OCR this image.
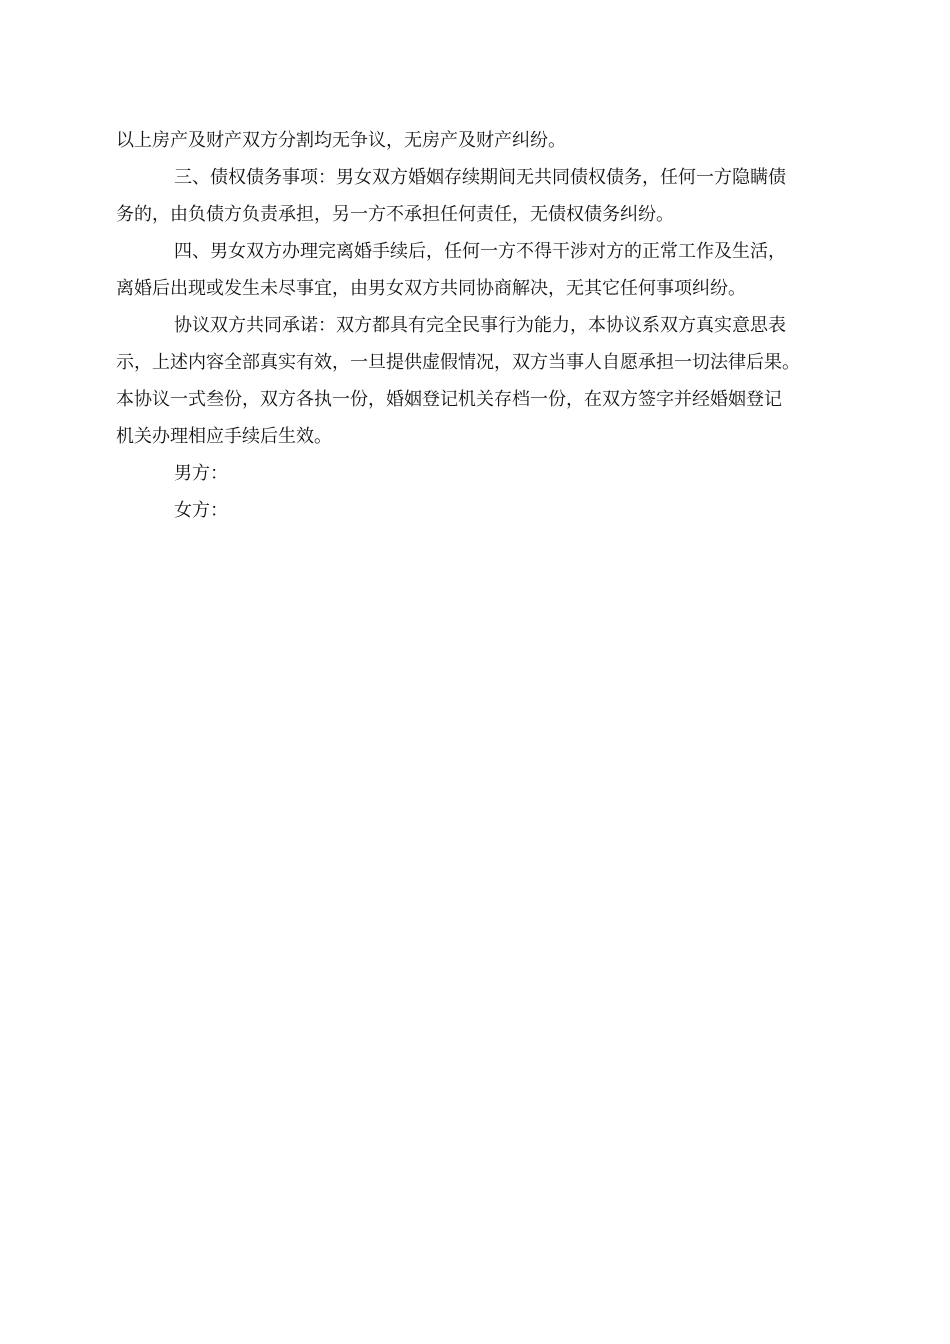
以上房产及财产双方分割均无争议，无房产及财产纠纷。
三、债权债务事项：男女双方婚姻存续期间无共同债权债务，任何一方隐瞒债
务的，由负债方负责承担，另一方不承担任何责任，无债权债务纠纷。
四、男女双方办理完离婚手续后，任何一方不得干涉对方的正常工作及生活，
离婚后出现或发生未尽事宜，由男女双方共同协商解决，无其它任何事项纠纷。
协议双方共同承诺：双方都具有完全民事行为能力，本协议系双方真实意思表
示，上述内容全部真实有效，一旦提供虚假情况，双方当事人自愿承担一切法律后果。
本协议一式叁份，双方各执一份，婚姻登记机关存档一份，在双方签字并经婚姻登记
机关办理相应手续后生效。
男方：
女方：
